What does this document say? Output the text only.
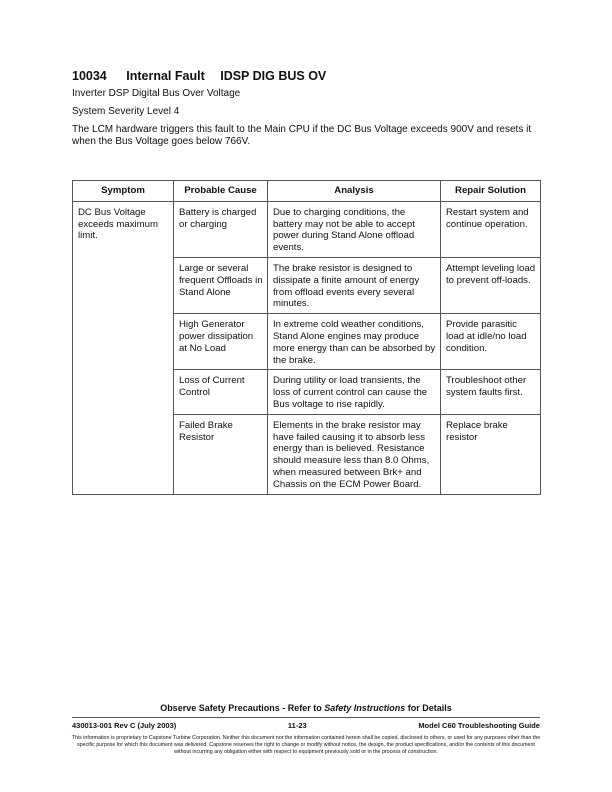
10034 Internal Fault IDSP DIG BUS OV

Inverter DSP Digital Bus Over Voltage

System Severity Level 4

The LCM hardware triggers this fault to the Main CPU if the DC Bus Voltage exceeds 900V and resets it when the Bus Voltage goes below 766V.

Symptom	Probable Cause	Analysis	Repair Solution
DC Bus Voltage exceeds maximum limit.	Battery is charged or charging	Due to charging conditions, the battery may not be able to accept power during Stand Alone offload events.	Restart system and continue operation.
	Large or several frequent Offloads in Stand Alone	The brake resistor is designed to dissipate a finite amount of energy from offload events every several minutes.	Attempt leveling load to prevent off-loads.
	High Generator power dissipation at No Load	In extreme cold weather conditions, Stand Alone engines may produce more energy than can be absorbed by the brake.	Provide parasitic load at idle/no load condition.
	Loss of Current Control	During utility or load transients, the loss of current control can cause the Bus voltage to rise rapidly.	Troubleshoot other system faults first.
	Failed Brake Resistor	Elements in the brake resistor may have failed causing it to absorb less energy than is believed. Resistance should measure less than 8.0 Ohms, when measured between Brk+ and Chassis on the ECM Power Board.	Replace brake resistor
Observe Safety Precautions - Refer to Safety Instructions for Details
430013-001 Rev C (July 2003)	11-23	Model C60 Troubleshooting Guide
This information is proprietary to Capstone Turbine Corporation. Neither this document nor the information contained herein shall be copied, disclosed to others, or used for any purposes other than the specific purpose for which this document was delivered. Capstone reserves the right to change or modify without notice, the design, the product specifications, and/or the contents of this document without incurring any obligation either with respect to equipment previously sold or in the process of construction.
